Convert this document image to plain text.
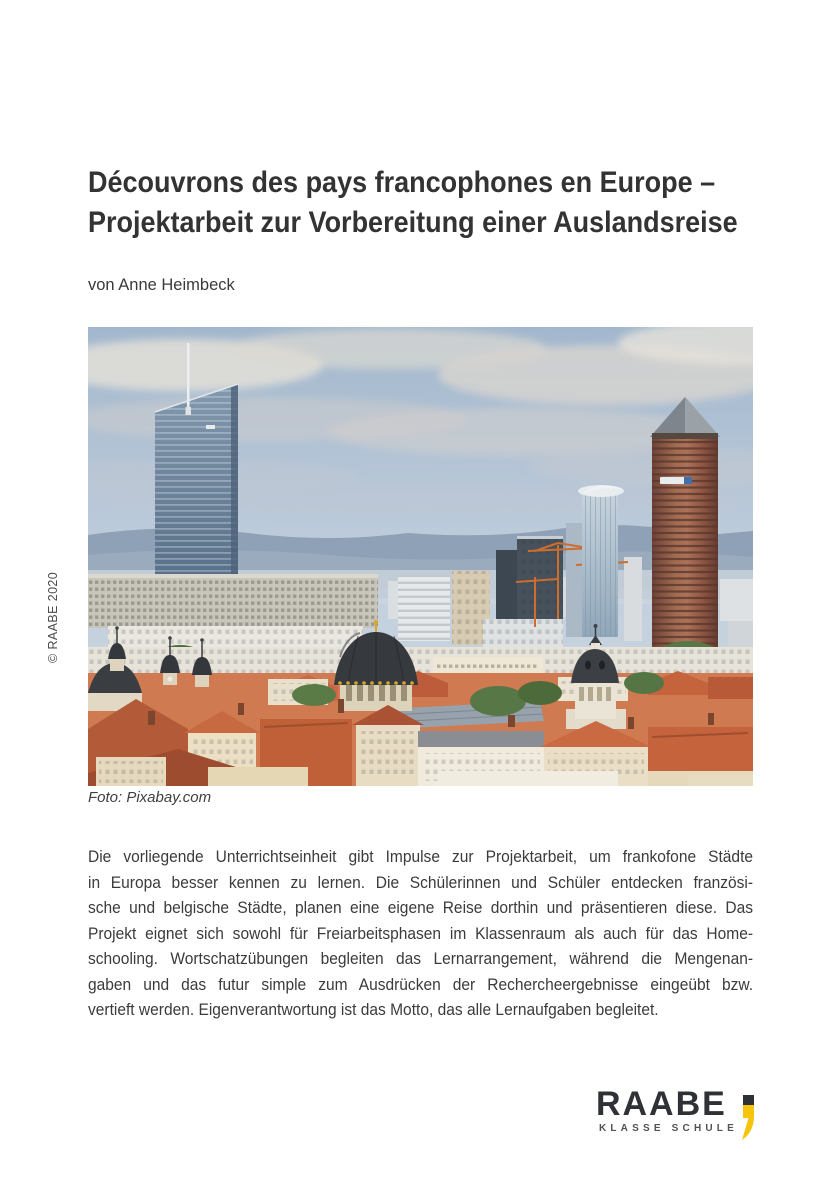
© RAABE 2020
Découvrons des pays francophones en Europe –
Projektarbeit zur Vorbereitung einer Auslandsreise
von Anne Heimbeck
Foto: Pixabay.com
Die vorliegende Unterrichtseinheit gibt Impulse zur Projektarbeit, um frankofone Städte
in Europa besser kennen zu lernen. Die Schülerinnen und Schüler entdecken französi-
sche und belgische Städte, planen eine eigene Reise dorthin und präsentieren diese. Das
Projekt eignet sich sowohl für Freiarbeitsphasen im Klassenraum als auch für das Home-
schooling. Wortschatzübungen begleiten das Lernarrangement, während die Mengenan-
gaben und das futur simple zum Ausdrücken der Rechercheergebnisse eingeübt bzw.
vertieft werden. Eigenverantwortung ist das Motto, das alle Lernaufgaben begleitet.
RAABE
KLASSE SCHULE
